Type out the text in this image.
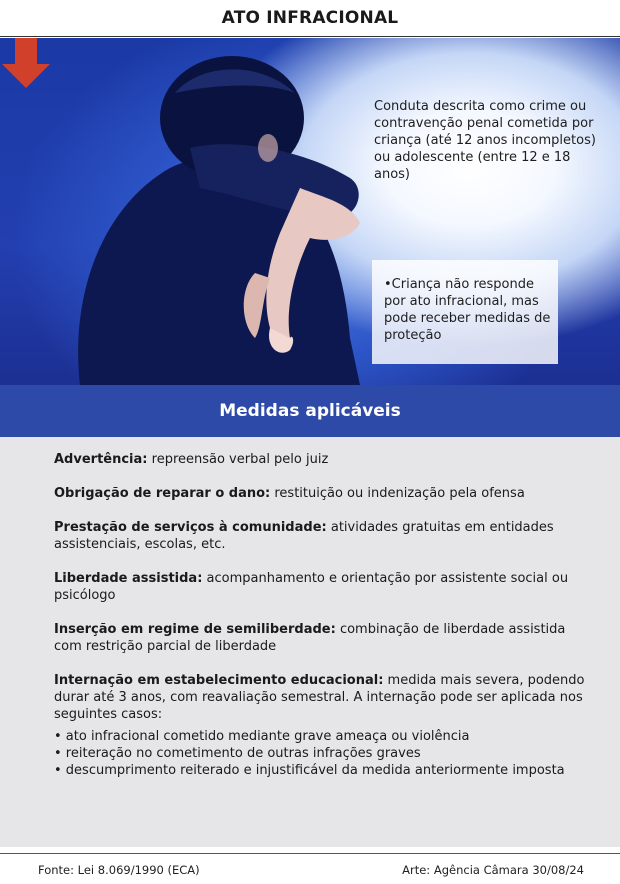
ATO INFRACIONAL
Conduta descrita como crime ou contravenção penal cometida por criança (até 12 anos incompletos) ou adolescente (entre 12 e 18 anos)
•Criança não responde por ato infracional, mas pode receber medidas de proteção
Medidas aplicáveis
Advertência: repreensão verbal pelo juiz
Obrigação de reparar o dano: restituição ou indenização pela ofensa
Prestação de serviços à comunidade: atividades gratuitas em entidades assistenciais, escolas, etc.
Liberdade assistida: acompanhamento e orientação por assistente social ou psicólogo
Inserção em regime de semiliberdade: combinação de liberdade assistida com restrição parcial de liberdade
Internação em estabelecimento educacional: medida mais severa, podendo durar até 3 anos, com reavaliação semestral. A internação pode ser aplicada nos seguintes casos:
• ato infracional cometido mediante grave ameaça ou violência
• reiteração no cometimento de outras infrações graves
• descumprimento reiterado e injustificável da medida anteriormente imposta
Fonte: Lei 8.069/1990 (ECA)	Arte: Agência Câmara 30/08/24
